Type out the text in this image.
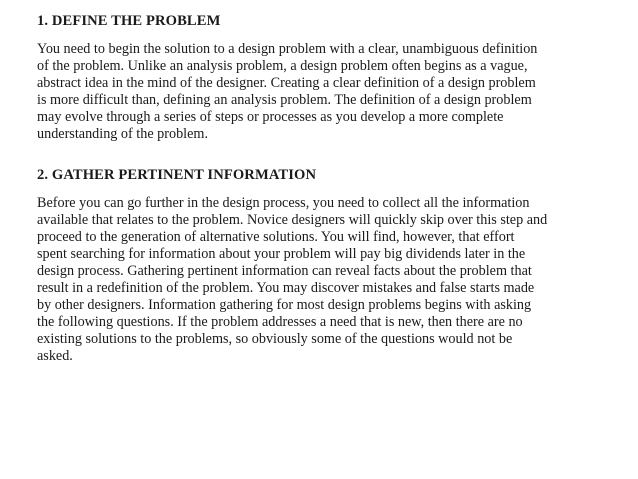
1. DEFINE THE PROBLEM

You need to begin the solution to a design problem with a clear, unambiguous definition
of the problem. Unlike an analysis problem, a design problem often begins as a vague,
abstract idea in the mind of the designer. Creating a clear definition of a design problem
is more difficult than, defining an analysis problem. The definition of a design problem
may evolve through a series of steps or processes as you develop a more complete
understanding of the problem.

2. GATHER PERTINENT INFORMATION

Before you can go further in the design process, you need to collect all the information
available that relates to the problem. Novice designers will quickly skip over this step and
proceed to the generation of alternative solutions. You will find, however, that effort
spent searching for information about your problem will pay big dividends later in the
design process. Gathering pertinent information can reveal facts about the problem that
result in a redefinition of the problem. You may discover mistakes and false starts made
by other designers. Information gathering for most design problems begins with asking
the following questions. If the problem addresses a need that is new, then there are no
existing solutions to the problems, so obviously some of the questions would not be
asked.
